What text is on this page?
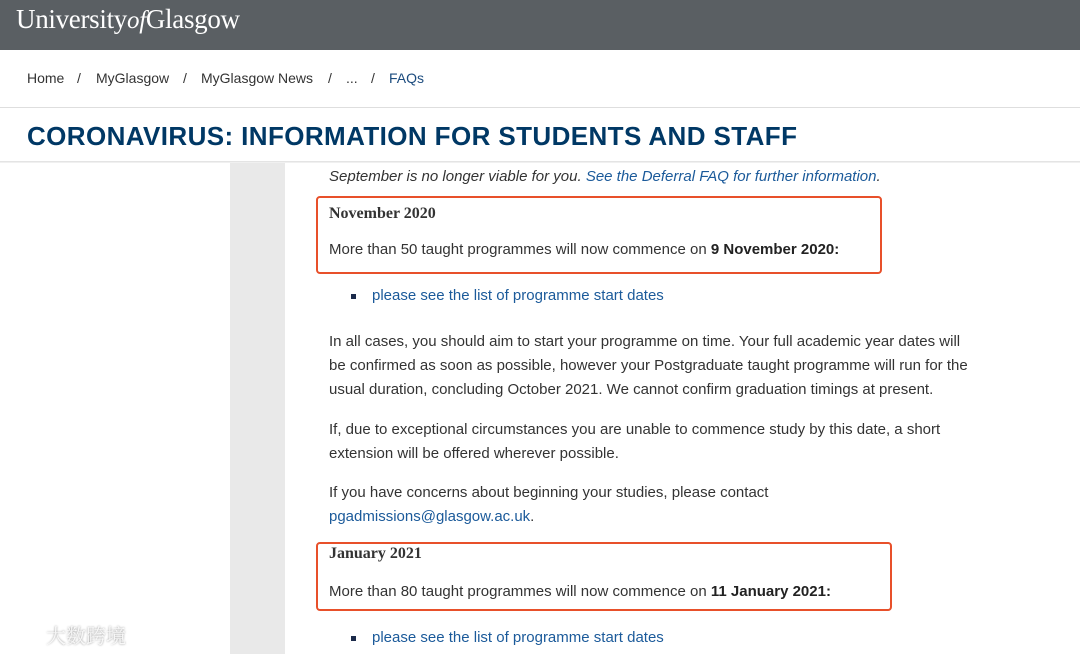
UniversityofGlasgow
Home / MyGlasgow / MyGlasgow News / ... / FAQs
CORONAVIRUS: INFORMATION FOR STUDENTS AND STAFF
September is no longer viable for you. See the Deferral FAQ for further information.
November 2020
More than 50 taught programmes will now commence on 9 November 2020:
please see the list of programme start dates
In all cases, you should aim to start your programme on time. Your full academic year dates will
be confirmed as soon as possible, however your Postgraduate taught programme will run for the
usual duration, concluding October 2021. We cannot confirm graduation timings at present.
If, due to exceptional circumstances you are unable to commence study by this date, a short
extension will be offered wherever possible.
If you have concerns about beginning your studies, please contact
pgadmissions@glasgow.ac.uk.
January 2021
More than 80 taught programmes will now commence on 11 January 2021:
please see the list of programme start dates
大数跨境
